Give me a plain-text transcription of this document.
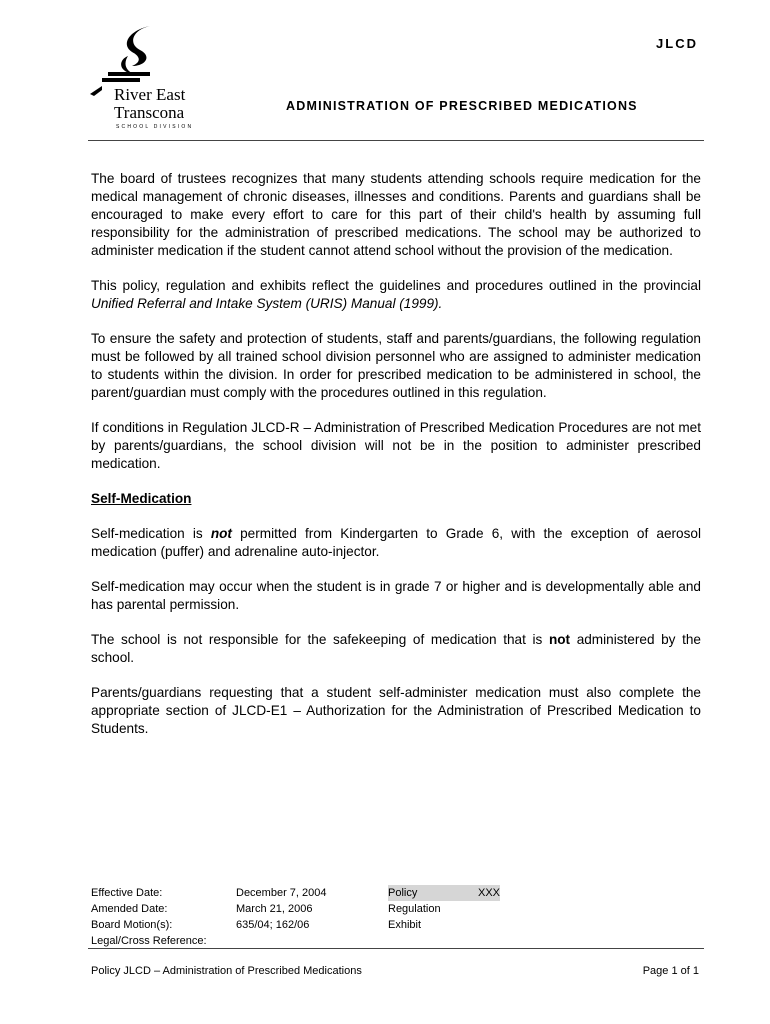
River East
Transcona
SCHOOL DIVISION
JLCD
ADMINISTRATION OF PRESCRIBED MEDICATIONS

The board of trustees recognizes that many students attending schools require medication for the medical management of chronic diseases, illnesses and conditions. Parents and guardians shall be encouraged to make every effort to care for this part of their child's health by assuming full responsibility for the administration of prescribed medications. The school may be authorized to administer medication if the student cannot attend school without the provision of the medication.

This policy, regulation and exhibits reflect the guidelines and procedures outlined in the provincial Unified Referral and Intake System (URIS) Manual (1999).

To ensure the safety and protection of students, staff and parents/guardians, the following regulation must be followed by all trained school division personnel who are assigned to administer medication to students within the division. In order for prescribed medication to be administered in school, the parent/guardian must comply with the procedures outlined in this regulation.

If conditions in Regulation JLCD-R – Administration of Prescribed Medication Procedures are not met by parents/guardians, the school division will not be in the position to administer prescribed medication.

Self-Medication

Self-medication is not permitted from Kindergarten to Grade 6, with the exception of aerosol medication (puffer) and adrenaline auto-injector.

Self-medication may occur when the student is in grade 7 or higher and is developmentally able and has parental permission.

The school is not responsible for the safekeeping of medication that is not administered by the school.

Parents/guardians requesting that a student self-administer medication must also complete the appropriate section of JLCD-E1 – Authorization for the Administration of Prescribed Medication to Students.

Effective Date:
Amended Date:
Board Motion(s):
Legal/Cross Reference:
December 7, 2004
March 21, 2006
635/04; 162/06
Policy	XXX
Regulation
Exhibit
Policy JLCD – Administration of Prescribed Medications	Page 1 of 1
